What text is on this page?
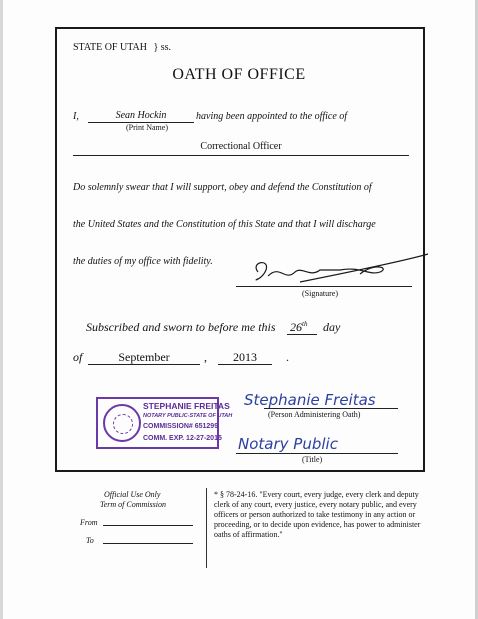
STATE OF UTAH } ss.
OATH OF OFFICE
I,	Sean Hockin	having been appointed to the office of
(Print Name)
Correctional Officer
Do solemnly swear that I will support, obey and defend the Constitution of
the United States and the Constitution of this State and that I will discharge
the duties of my office with fidelity.
(Signature)
Subscribed and sworn to before me this 26th day
of	September	,	2013	.
STEPHANIE FREITAS
NOTARY PUBLIC-STATE OF UTAH
COMMISSION# 651299
COMM. EXP. 12-27-2015
Stephanie Freitas
(Person Administering Oath)
Notary Public
(Title)
Official Use Only
Term of Commission
From
To
* § 78-24-16. "Every court, every judge, every clerk and deputy clerk of any court, every justice, every notary public, and every officers or person authorized to take testimony in any action or proceeding, or to decide upon evidence, has power to administer oaths of affirmation."
